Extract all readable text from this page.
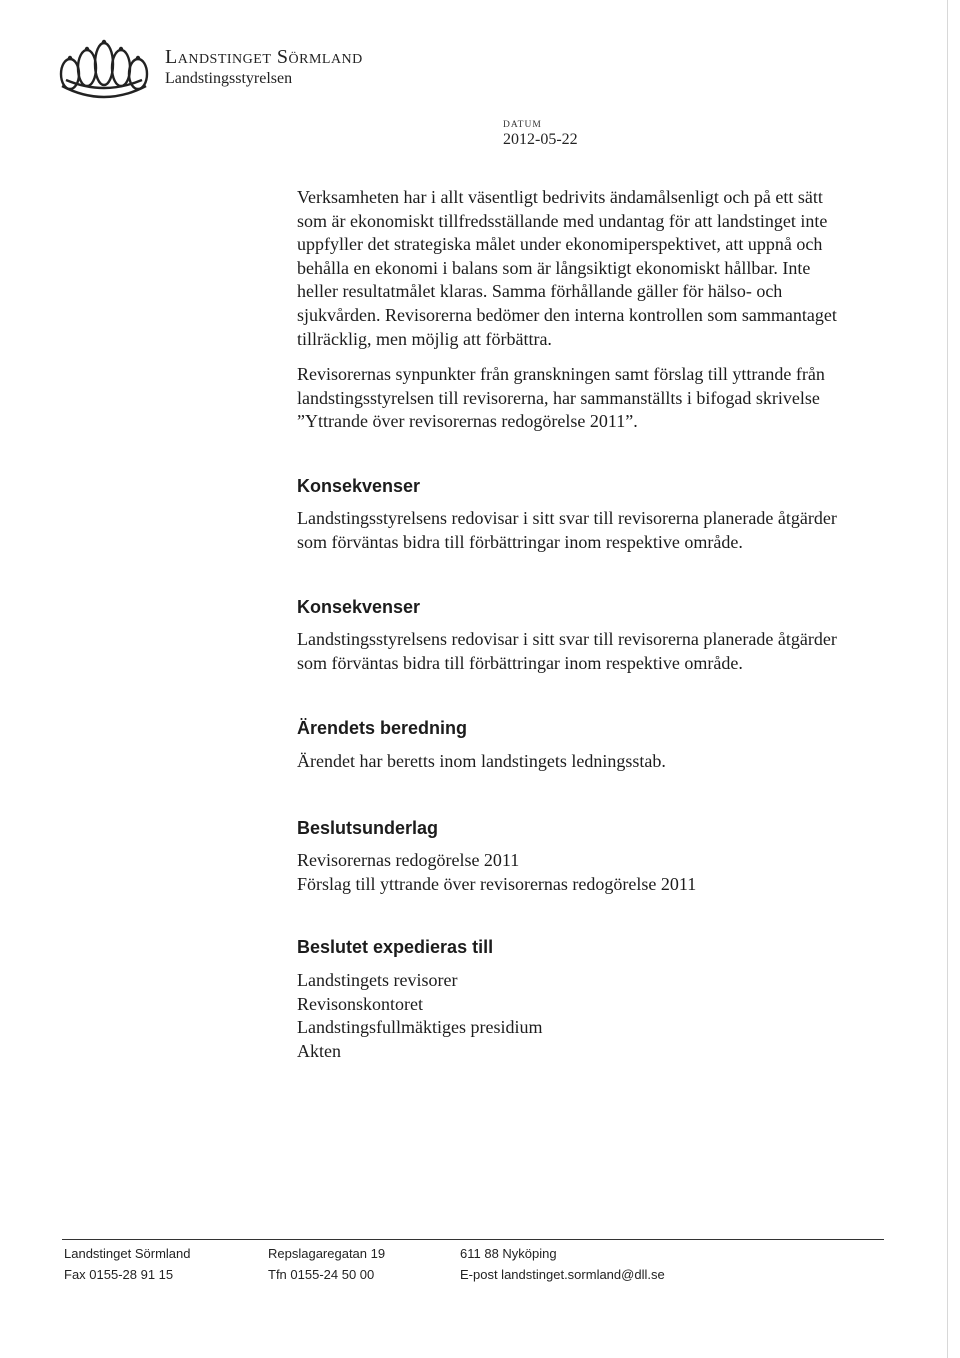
Landstinget Sörmland
Landstingsstyrelsen
DATUM
2012-05-22
Verksamheten har i allt väsentligt bedrivits ändamålsenligt och på ett sätt
som är ekonomiskt tillfredsställande med undantag för att landstinget inte
uppfyller det strategiska målet under ekonomiperspektivet, att uppnå och
behålla en ekonomi i balans som är långsiktigt ekonomiskt hållbar. Inte
heller resultatmålet klaras. Samma förhållande gäller för hälso- och
sjukvården. Revisorerna bedömer den interna kontrollen som sammantaget
tillräcklig, men möjlig att förbättra.
Revisorernas synpunkter från granskningen samt förslag till yttrande från
landstingsstyrelsen till revisorerna, har sammanställts i bifogad skrivelse
”Yttrande över revisorernas redogörelse 2011”.
Konsekvenser
Landstingsstyrelsens redovisar i sitt svar till revisorerna planerade åtgärder
som förväntas bidra till förbättringar inom respektive område.
Konsekvenser
Landstingsstyrelsens redovisar i sitt svar till revisorerna planerade åtgärder
som förväntas bidra till förbättringar inom respektive område.
Ärendets beredning
Ärendet har beretts inom landstingets ledningsstab.
Beslutsunderlag
Revisorernas redogörelse 2011
Förslag till yttrande över revisorernas redogörelse 2011
Beslutet expedieras till
Landstingets revisorer
Revisonskontoret
Landstingsfullmäktiges presidium
Akten
Landstinget Sörmland
Fax 0155-28 91 15
Repslagaregatan 19
Tfn 0155-24 50 00
611 88 Nyköping
E-post landstinget.sormland@dll.se
